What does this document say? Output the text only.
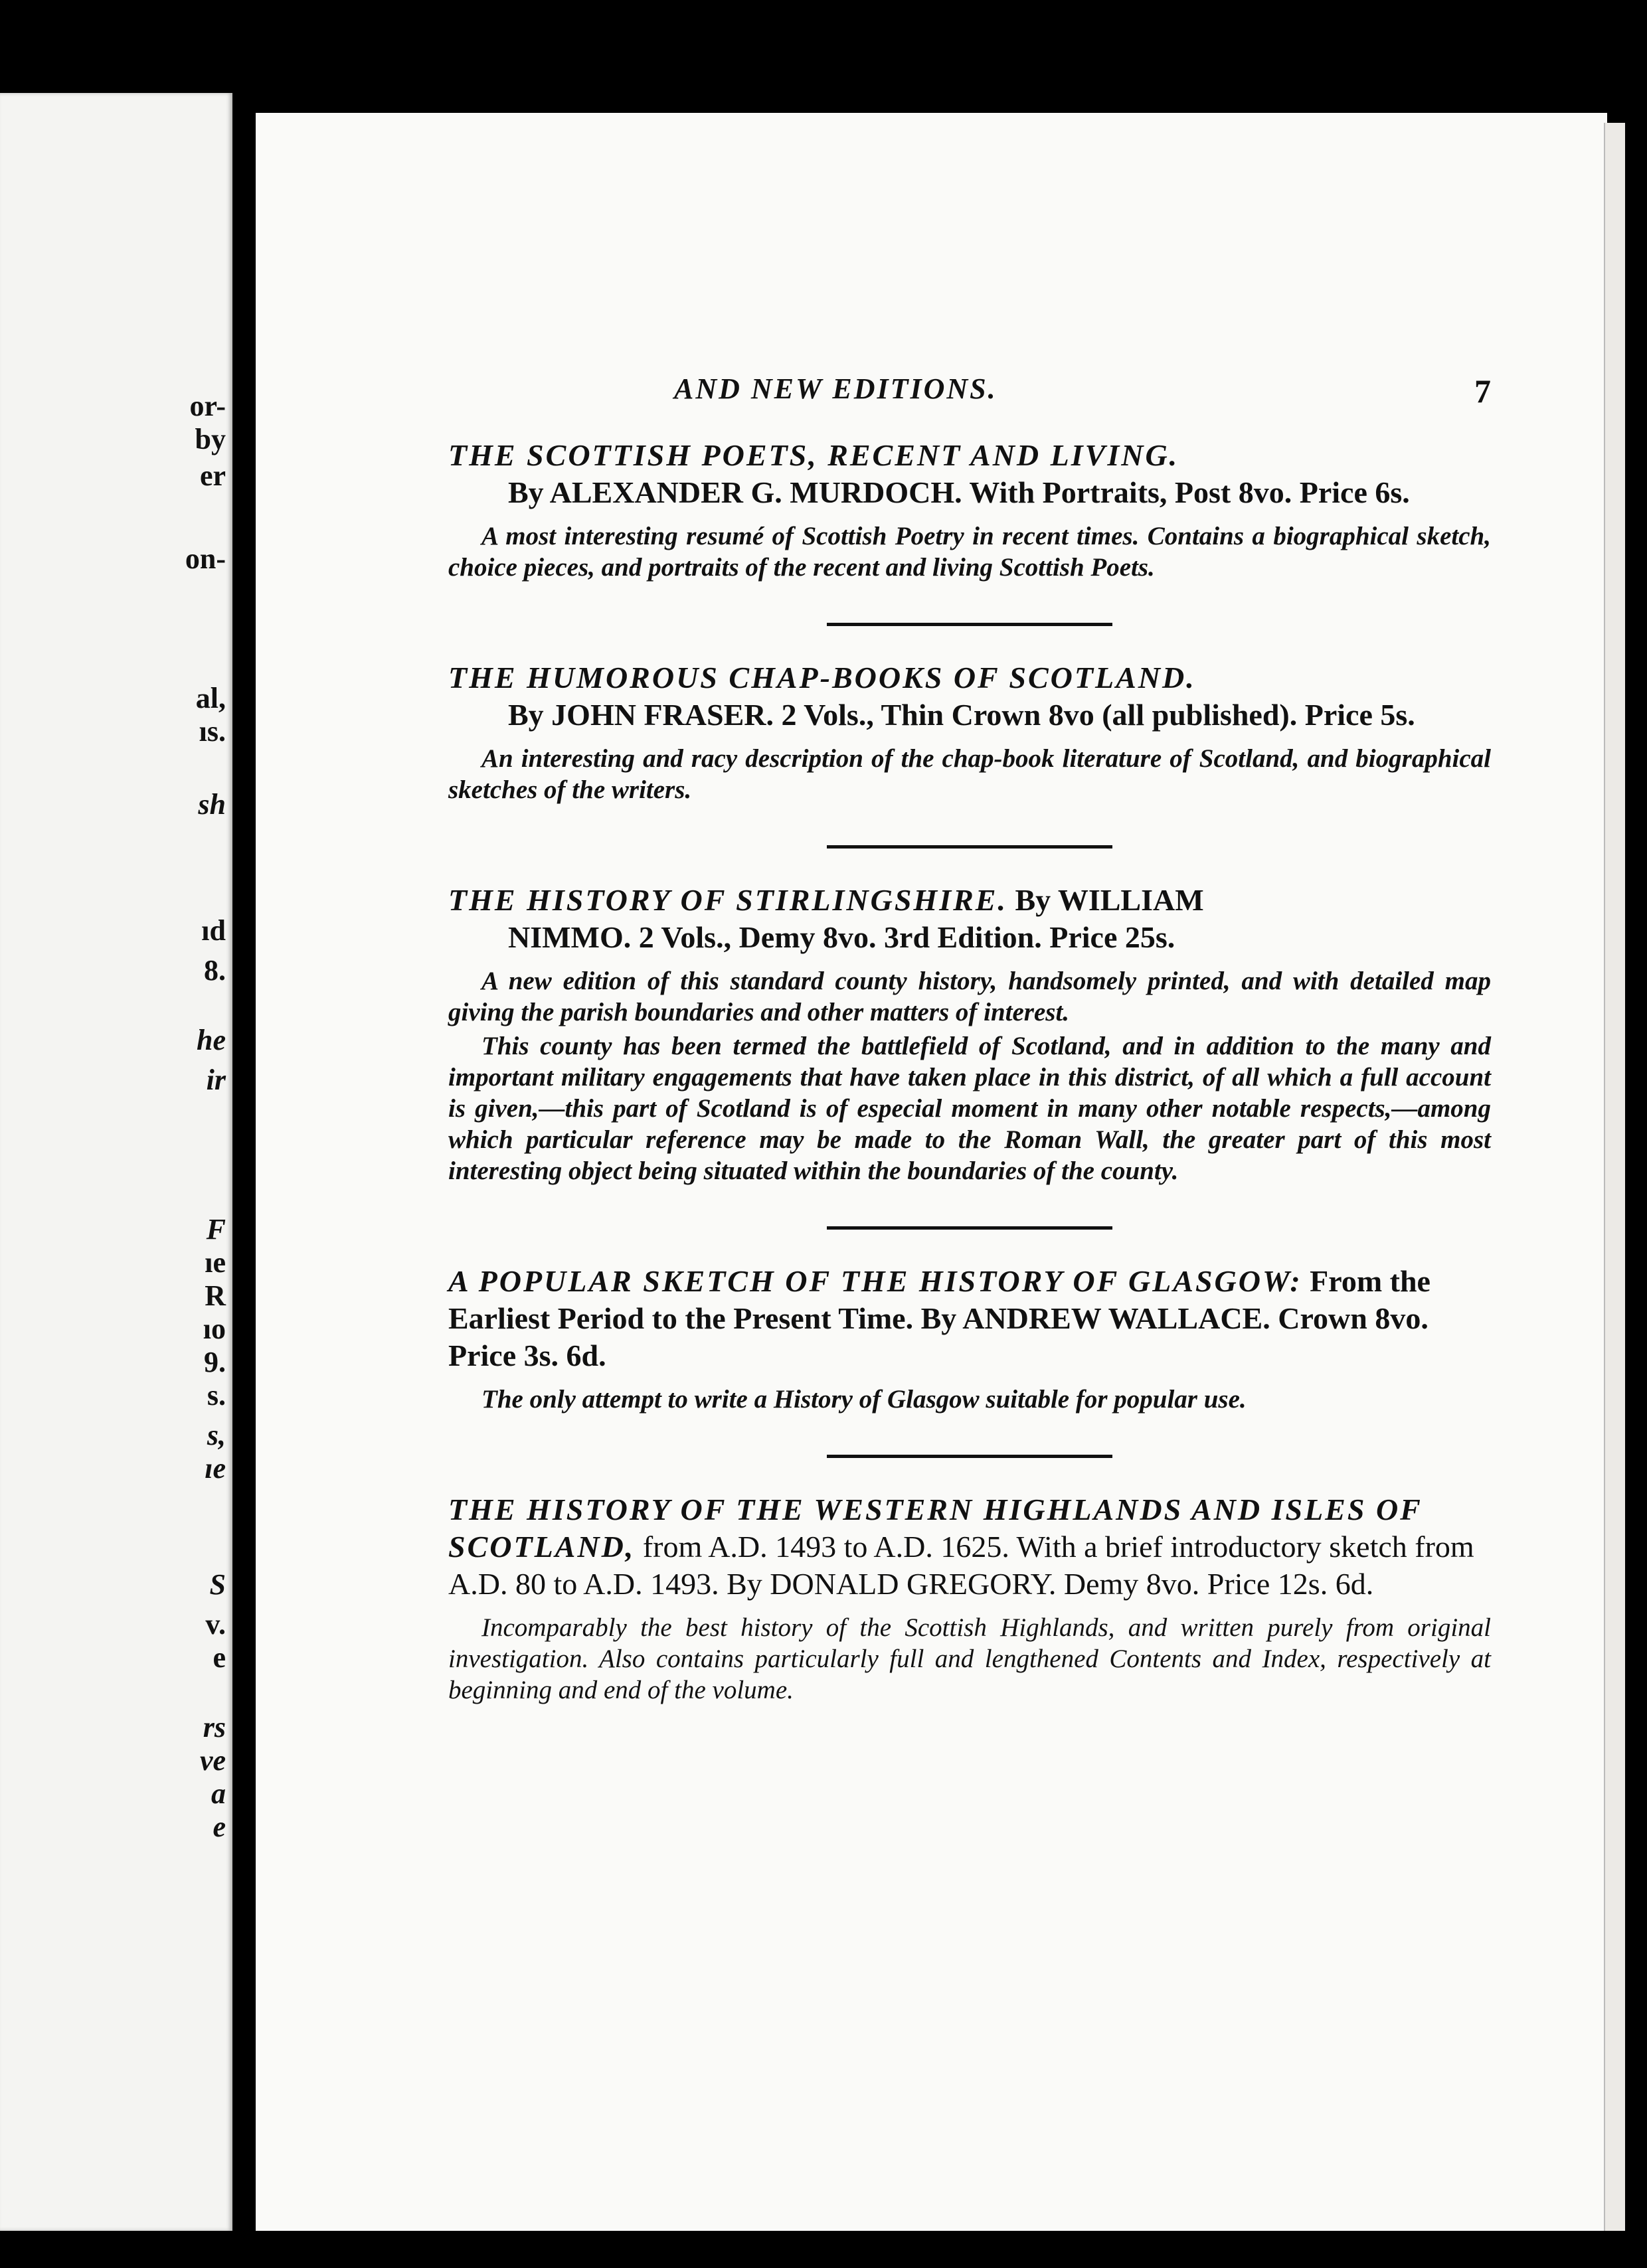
or-
by
er
on-
al,
ıs.
sh
ıd
8.
he
ir
F
ıe
R
ıo
9.
s.
s,
ıe
S
v.
e
rs
ve
a
e
AND NEW EDITIONS.	7

THE SCOTTISH POETS, RECENT AND LIVING.

By ALEXANDER G. MURDOCH. With Portraits, Post 8vo. Price 6s.

A most interesting resumé of Scottish Poetry in recent times. Contains a biographical sketch, choice pieces, and portraits of the recent and living Scottish Poets.

THE HUMOROUS CHAP-BOOKS OF SCOTLAND.

By JOHN FRASER. 2 Vols., Thin Crown 8vo (all published). Price 5s.

An interesting and racy description of the chap-book literature of Scotland, and biographical sketches of the writers.

THE HISTORY OF STIRLINGSHIRE. By WILLIAM

NIMMO. 2 Vols., Demy 8vo. 3rd Edition. Price 25s.

A new edition of this standard county history, handsomely printed, and with detailed map giving the parish boundaries and other matters of interest.

This county has been termed the battlefield of Scotland, and in addition to the many and important military engagements that have taken place in this district, of all which a full account is given,—this part of Scotland is of especial moment in many other notable respects,—among which particular reference may be made to the Roman Wall, the greater part of this most interesting object being situated within the boundaries of the county.

A POPULAR SKETCH OF THE HISTORY OF GLASGOW: From the Earliest Period to the Present Time. By ANDREW WALLACE. Crown 8vo. Price 3s. 6d.

The only attempt to write a History of Glasgow suitable for popular use.

THE HISTORY OF THE WESTERN HIGHLANDS AND ISLES OF SCOTLAND, from A.D. 1493 to A.D. 1625. With a brief introductory sketch from A.D. 80 to A.D. 1493. By DONALD GREGORY. Demy 8vo. Price 12s. 6d.

Incomparably the best history of the Scottish Highlands, and written purely from original investigation. Also contains particularly full and lengthened Contents and Index, respectively at beginning and end of the volume.
